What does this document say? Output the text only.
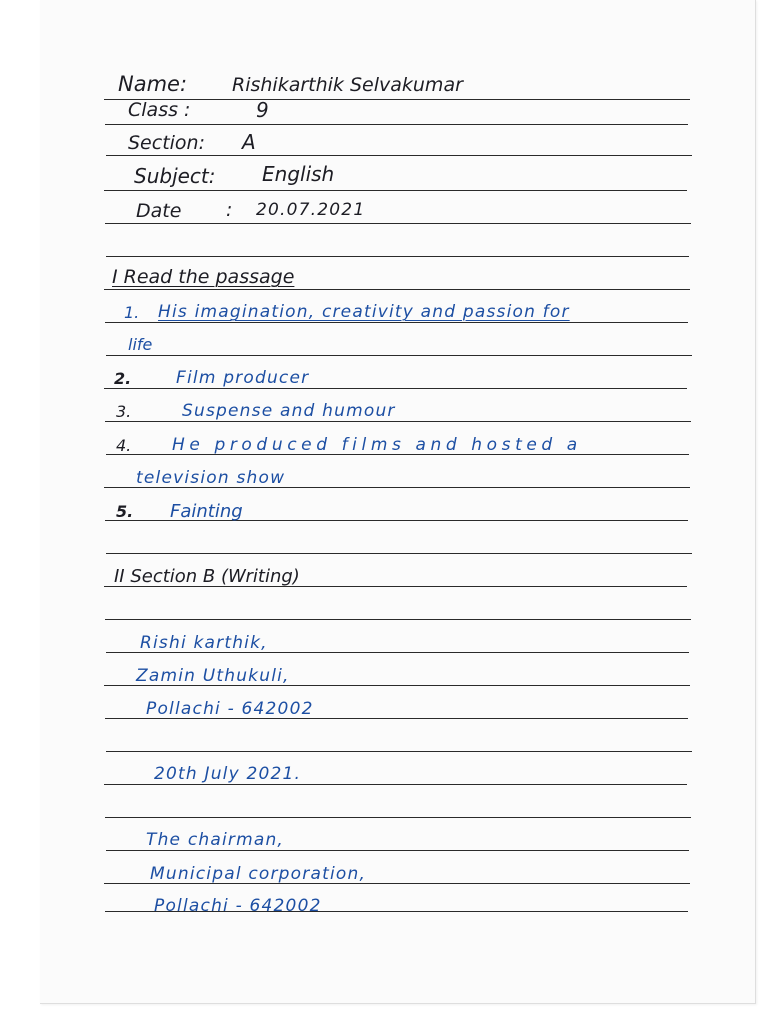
Name: Rishikarthik Selvakumar
Class :	9
Section: A
Subject: English
Date : 20.07.2021
I Read the passage
1. His imagination, creativity and passion for
life
2.	Film producer
3.	Suspense and humour
4. He produced films and hosted a
television show
5. Fainting
II Section B (Writing)
Rishi karthik,
Zamin Uthukuli,
Pollachi - 642002
20th July 2021.
The chairman,
Municipal corporation,
Pollachi - 642002
